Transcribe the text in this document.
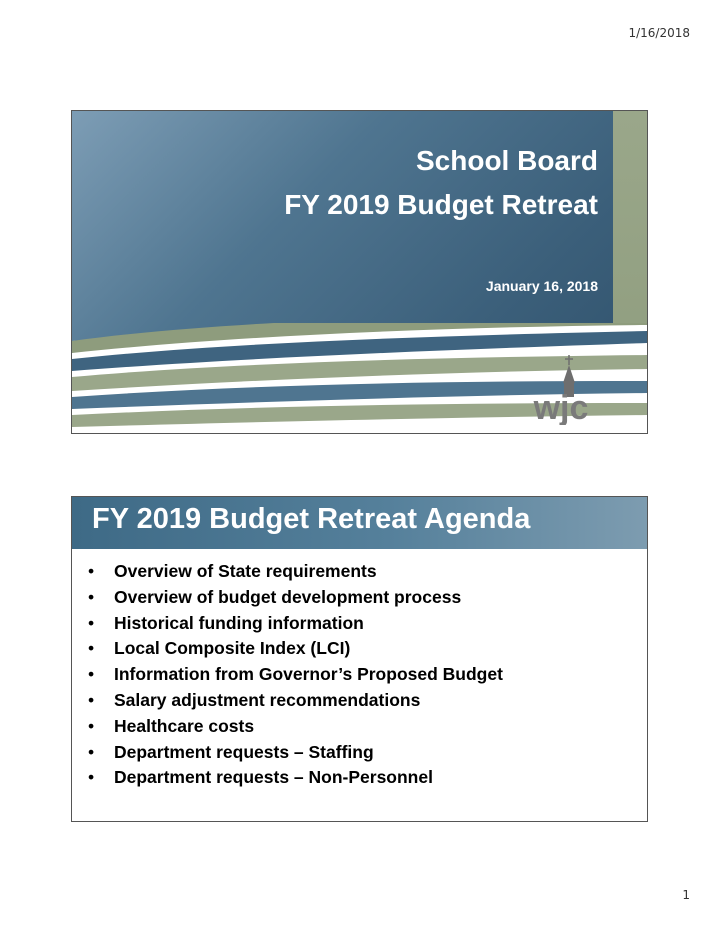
1/16/2018
School Board
FY 2019 Budget Retreat
January 16, 2018
wjc
FY 2019 Budget Retreat Agenda
• Overview of State requirements
• Overview of budget development process
• Historical funding information
• Local Composite Index (LCI)
• Information from Governor’s Proposed Budget
• Salary adjustment recommendations
• Healthcare costs
• Department requests – Staffing
• Department requests – Non-Personnel
1
